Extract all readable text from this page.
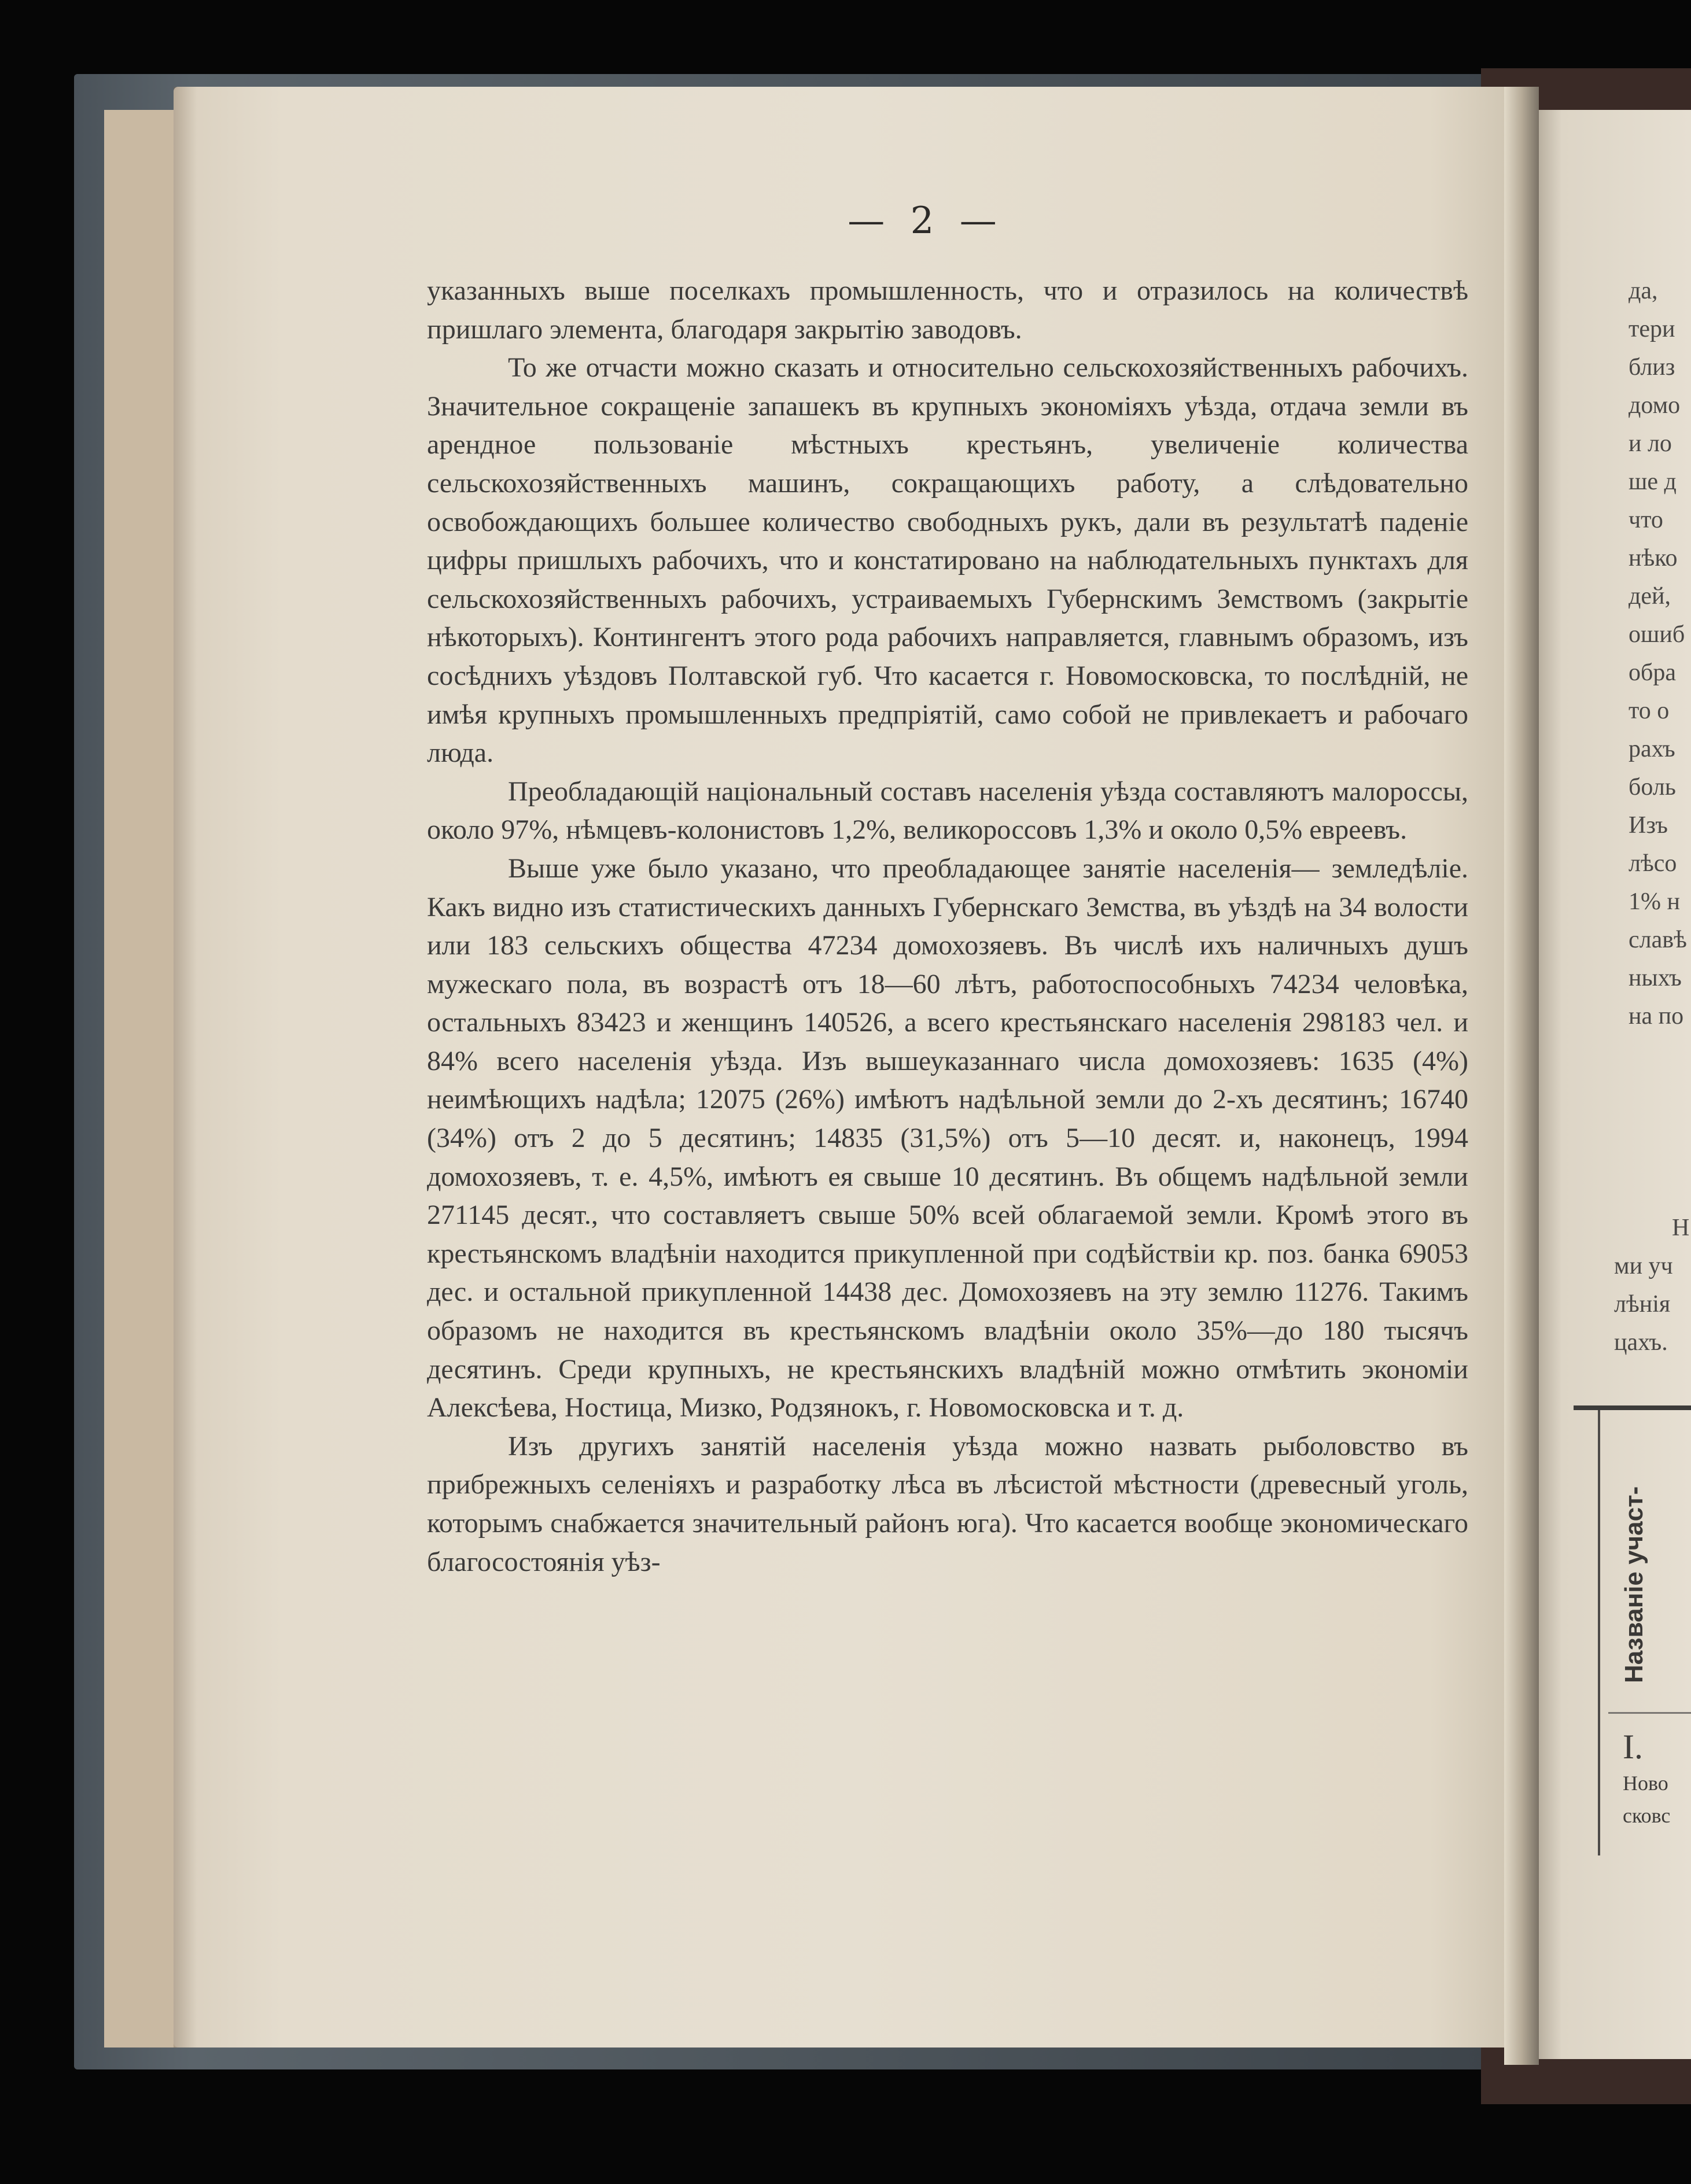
— 2 —

указанныхъ выше поселкахъ промышленность, что и отразилось на количествѣ пришлаго элемента, благодаря закрытiю заводовъ.

То же отчасти можно сказать и относительно сельскохозяйственныхъ рабочихъ. Значительное сокращенiе запашекъ въ крупныхъ экономiяхъ уѣзда, отдача земли въ арендное пользованiе мѣстныхъ крестьянъ, увеличенiе количества сельскохозяйственныхъ машинъ, сокращающихъ работу, а слѣдовательно освобождающихъ большее количество свободныхъ рукъ, дали въ результатѣ паденiе цифры пришлыхъ рабочихъ, что и констатировано на наблюдательныхъ пунктахъ для сельскохозяйственныхъ рабочихъ, устраиваемыхъ Губернскимъ Земствомъ (закрытiе нѣкоторыхъ). Контингентъ этого рода рабочихъ направляется, главнымъ образомъ, изъ сосѣднихъ уѣздовъ Полтавской губ. Что касается г. Новомосковска, то послѣднiй, не имѣя крупныхъ промышленныхъ предпрiятiй, само собой не привлекаетъ и рабочаго люда.

Преобладающiй нацiональный составъ населенiя уѣзда составляютъ малороссы, около 97%, нѣмцевъ-колонистовъ 1,2%, великороссовъ 1,3% и около 0,5% евреевъ.

Выше уже было указано, что преобладающее занятiе населенiя— земледѣлiе. Какъ видно изъ статистическихъ данныхъ Губернскаго Земства, въ уѣздѣ на 34 волости или 183 сельскихъ общества 47234 домохозяевъ. Въ числѣ ихъ наличныхъ душъ мужескаго пола, въ возрастѣ отъ 18—60 лѣтъ, работоспособныхъ 74234 человѣка, остальныхъ 83423 и женщинъ 140526, а всего крестьянскаго населенiя 298183 чел. и 84% всего населенiя уѣзда. Изъ вышеуказаннаго числа домохозяевъ: 1635 (4%) неимѣющихъ надѣла; 12075 (26%) имѣютъ надѣльной земли до 2-хъ десятинъ; 16740 (34%) отъ 2 до 5 десятинъ; 14835 (31,5%) отъ 5—10 десят. и, наконецъ, 1994 домохозяевъ, т. е. 4,5%, имѣютъ ея свыше 10 десятинъ. Въ общемъ надѣльной земли 271145 десят., что составляетъ свыше 50% всей облагаемой земли. Кромѣ этого въ крестьянскомъ владѣнiи находится прикупленной при содѣйствiи кр. поз. банка 69053 дес. и остальной прикупленной 14438 дес. Домохозяевъ на эту землю 11276. Такимъ образомъ не находится въ крестьянскомъ владѣнiи около 35%—до 180 тысячъ десятинъ. Среди крупныхъ, не крестьянскихъ владѣнiй можно отмѣтить экономiи Алексѣева, Ностица, Мизко, Родзянокъ, г. Новомосковска и т. д.

Изъ другихъ занятiй населенiя уѣзда можно назвать рыболовство въ прибрежныхъ селенiяхъ и разработку лѣса въ лѣсистой мѣстности (древесный уголь, которымъ снабжается значительный районъ юга). Что касается вообще экономическаго благосостоянiя уѣз-

да,
тери
близ
домо
и ло
ше д
что
нѣко
дей,
ошиб
обра
то о
рахъ
боль
Изъ
лѣсо
1% н
славѣ
ныхъ
на по
Н
ми уч
лѣнiя
цахъ.
Названiе участ-
I.
Ново
сковс
